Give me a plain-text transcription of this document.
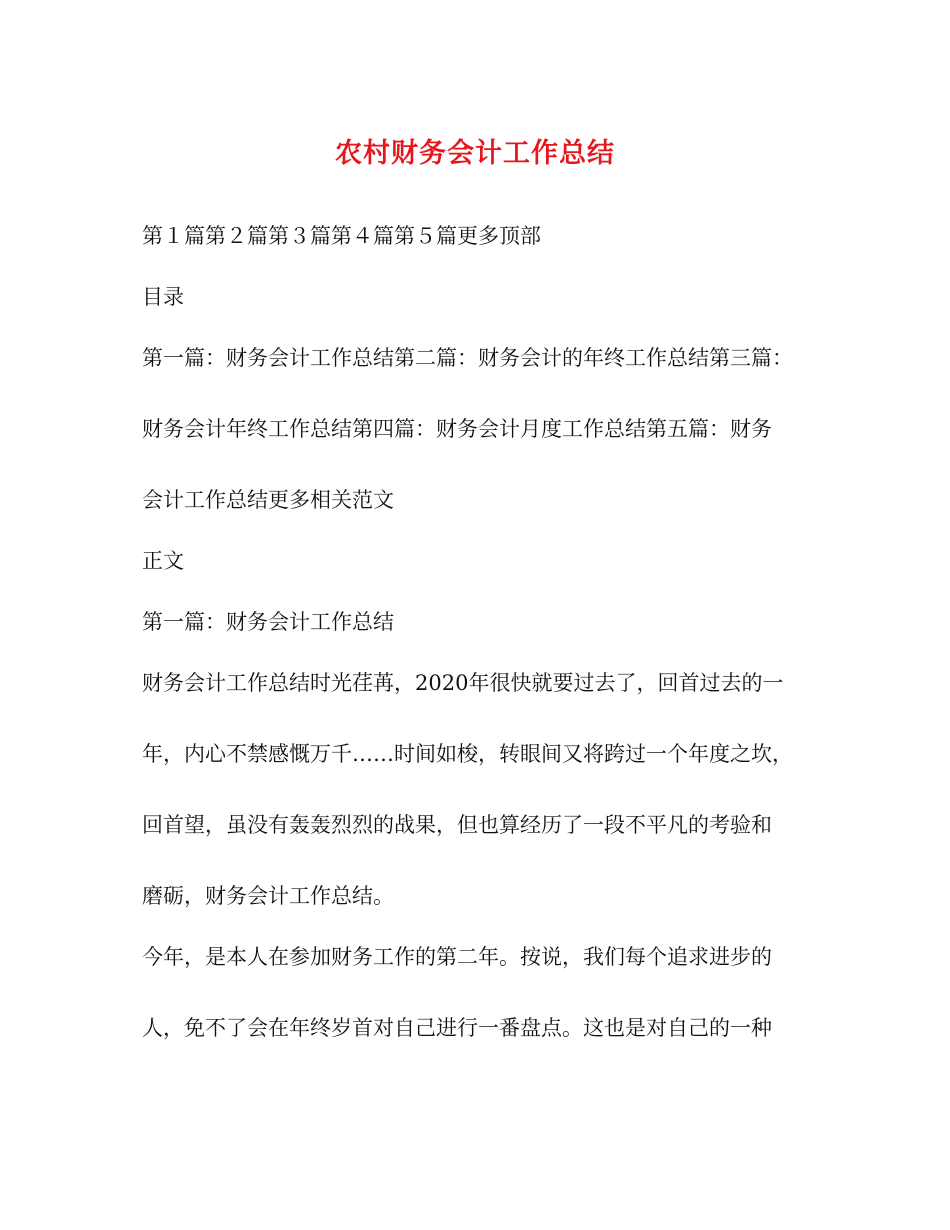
农村财务会计工作总结
第１篇第２篇第３篇第４篇第５篇更多顶部
目录
第一篇：财务会计工作总结第二篇：财务会计的年终工作总结第三篇：
财务会计年终工作总结第四篇：财务会计月度工作总结第五篇：财务
会计工作总结更多相关范文
正文
第一篇：财务会计工作总结
财务会计工作总结时光荏苒，2020年很快就要过去了，回首过去的一
年，内心不禁感慨万千……时间如梭，转眼间又将跨过一个年度之坎，
回首望，虽没有轰轰烈烈的战果，但也算经历了一段不平凡的考验和
磨砺，财务会计工作总结。
今年，是本人在参加财务工作的第二年。按说，我们每个追求进步的
人，免不了会在年终岁首对自己进行一番盘点。这也是对自己的一种
